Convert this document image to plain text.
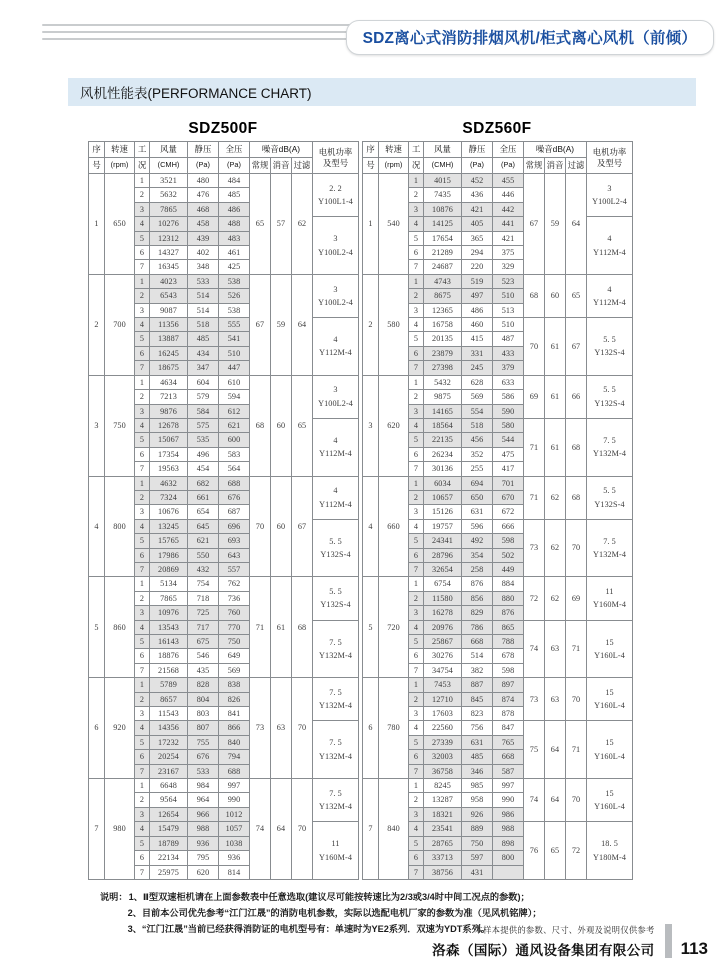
SDZ离心式消防排烟风机/柜式离心风机（前倾）
风机性能表(PERFORMANCE CHART)
SDZ500F
序	转速	工	风量	静压	全压	噪音dB(A)			电机功率
及型号
号	(rpm)	况	(CMH)	(Pa)	(Pa)	常规	消音	过滤	
1	650	1	3521	480	484	65	57	62	2. 2
Y100L1-4
		2	5632	476	485				
		3	7865	468	486				
		4	10276	458	488				3
Y100L2-4
		5	12312	439	483				
		6	14327	402	461				
		7	16345	348	425				
2	700	1	4023	533	538	67	59	64	3
Y100L2-4
		2	6543	514	526				
		3	9087	514	538				
		4	11356	518	555				4
Y112M-4
		5	13887	485	541				
		6	16245	434	510				
		7	18675	347	447				
3	750	1	4634	604	610	68	60	65	3
Y100L2-4
		2	7213	579	594				
		3	9876	584	612				
		4	12678	575	621				4
Y112M-4
		5	15067	535	600				
		6	17354	496	583				
		7	19563	454	564				
4	800	1	4632	682	688	70	60	67	4
Y112M-4
		2	7324	661	676				
		3	10676	654	687				
		4	13245	645	696				5. 5
Y132S-4
		5	15765	621	693				
		6	17986	550	643				
		7	20869	432	557				
5	860	1	5134	754	762	71	61	68	5. 5
Y132S-4
		2	7865	718	736				
		3	10976	725	760				
		4	13543	717	770				7. 5
Y132M-4
		5	16143	675	750				
		6	18876	546	649				
		7	21568	435	569				
6	920	1	5789	828	838	73	63	70	7. 5
Y132M-4
		2	8657	804	826				
		3	11543	803	841				
		4	14356	807	866				7. 5
Y132M-4
		5	17232	755	840				
		6	20254	676	794				
		7	23167	533	688				
7	980	1	6648	984	997	74	64	70	7. 5
Y132M-4
		2	9564	964	990				
		3	12654	966	1012				
		4	15479	988	1057				11
Y160M-4
		5	18789	936	1038				
		6	22134	795	936				
		7	25975	620	814				
SDZ560F
序	转速	工	风量	静压	全压	噪音dB(A)			电机功率
及型号
号	(rpm)	况	(CMH)	(Pa)	(Pa)	常规	消音	过滤	
1	540	1	4015	452	455	67	59	64	3
Y100L2-4
		2	7435	436	446				
		3	10876	421	442				
		4	14125	405	441				4
Y112M-4
		5	17654	365	421				
		6	21289	294	375				
		7	24687	220	329				
2	580	1	4743	519	523	68	60	65	4
Y112M-4
		2	8675	497	510				
		3	12365	486	513				
		4	16758	460	510	70	61	67	5. 5
Y132S-4
		5	20135	415	487				
		6	23879	331	433				
		7	27398	245	379				
3	620	1	5432	628	633	69	61	66	5. 5
Y132S-4
		2	9875	569	586				
		3	14165	554	590				
		4	18564	518	580	71	61	68	7. 5
Y132M-4
		5	22135	456	544				
		6	26234	352	475				
		7	30136	255	417				
4	660	1	6034	694	701	71	62	68	5. 5
Y132S-4
		2	10657	650	670				
		3	15126	631	672				
		4	19757	596	666	73	62	70	7. 5
Y132M-4
		5	24341	492	598				
		6	28796	354	502				
		7	32654	258	449				
5	720	1	6754	876	884	72	62	69	11
Y160M-4
		2	11580	856	880				
		3	16278	829	876				
		4	20976	786	865	74	63	71	15
Y160L-4
		5	25867	668	788				
		6	30276	514	678				
		7	34754	382	598				
6	780	1	7453	887	897	73	63	70	15
Y160L-4
		2	12710	845	874				
		3	17603	823	878				
		4	22560	756	847	75	64	71	15
Y160L-4
		5	27339	631	765				
		6	32003	485	668				
		7	36758	346	587				
7	840	1	8245	985	997	74	64	70	15
Y160L-4
		2	13287	958	990				
		3	18321	926	986				
		4	23541	889	988	76	65	72	18. 5
Y180M-4
		5	28765	750	898				
		6	33713	597	800				
		7	38756	431					
说明： 1、Ⅱ型双速柜机请在上面参数表中任意选取(建议尽可能按转速比为2/3或3/4时中间工况点的参数)；
2、目前本公司优先参考“江门江晟”的消防电机参数，实际以选配电机厂家的参数为准（见风机铭牌）；
3、“江门江晟”当前已经获得消防证的电机型号有：单速时为YE2系列．双速为YDT系列。
本样本提供的参数、尺寸、外观及说明仅供参考
洛森（国际）通风设备集团有限公司 113
